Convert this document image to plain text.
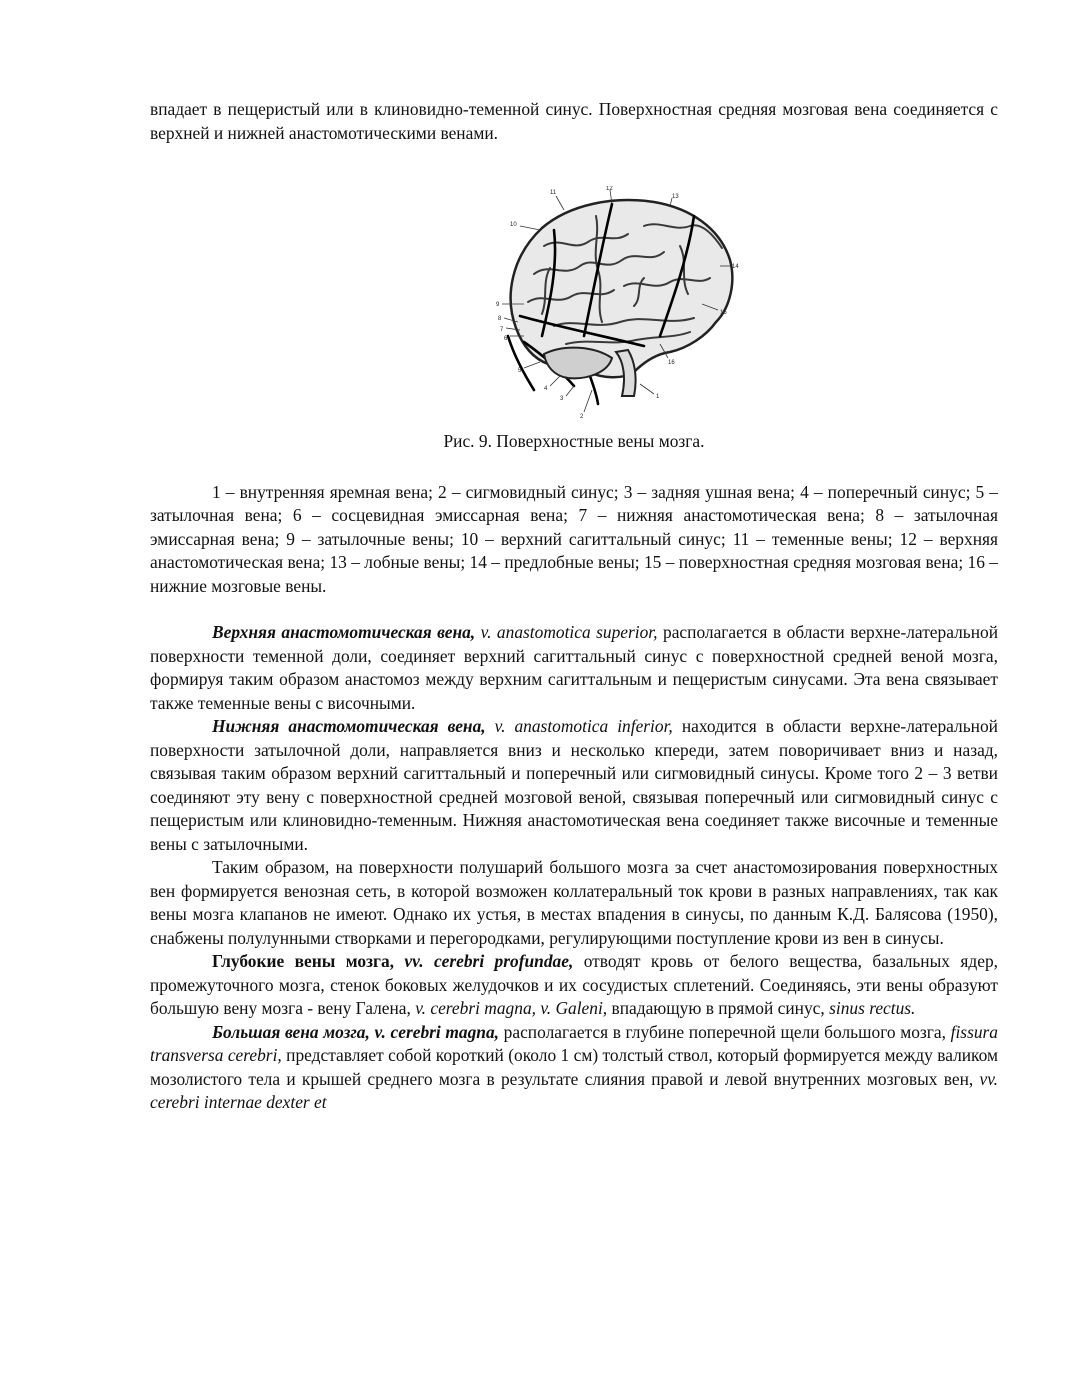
впадает в пещеристый или в клиновидно-теменной синус. Поверхностная средняя мозговая вена соединяется с верхней и нижней анастомотическими венами.

1
2
3
4
5
6
7
8
9
10
11
12
13
14
15
16

Рис. 9. Поверхностные вены мозга.

1 – внутренняя яремная вена; 2 – сигмовидный синус; 3 – задняя ушная вена; 4 – поперечный синус; 5 – затылочная вена; 6 – сосцевидная эмиссарная вена; 7 – нижняя анастомотическая вена; 8 – затылочная эмиссарная вена; 9 – затылочные вены; 10 – верхний сагиттальный синус; 11 – теменные вены; 12 – верхняя анастомотическая вена; 13 – лобные вены; 14 – предлобные вены; 15 – поверхностная средняя мозговая вена; 16 – нижние мозговые вены.

Верхняя анастомотическая вена, v. anastomotica superior, располагается в области верхне-латеральной поверхности теменной доли, соединяет верхний сагиттальный синус с поверхностной средней веной мозга, формируя таким образом анастомоз между верхним сагиттальным и пещеристым синусами. Эта вена связывает также теменные вены с височными.

Нижняя анастомотическая вена, v. anastomotica inferior, находится в области верхне-латеральной поверхности затылочной доли, направляется вниз и несколько кпереди, затем поворичивает вниз и назад, связывая таким образом верхний сагиттальный и поперечный или сигмовидный синусы. Кроме того 2 – 3 ветви соединяют эту вену с поверхностной средней мозговой веной, связывая поперечный или сигмовидный синус с пещеристым или клиновидно-теменным. Нижняя анастомотическая вена соединяет также височные и теменные вены с затылочными.

Таким образом, на поверхности полушарий большого мозга за счет анастомозирования поверхностных вен формируется венозная сеть, в которой возможен коллатеральный ток крови в разных направлениях, так как вены мозга клапанов не имеют. Однако их устья, в местах впадения в синусы, по данным К.Д. Балясова (1950), снабжены полулунными створками и перегородками, регулирующими поступление крови из вен в синусы.

Глубокие вены мозга, vv. cerebri profundae, отводят кровь от белого вещества, базальных ядер, промежуточного мозга, стенок боковых желудочков и их сосудистых сплетений. Соединяясь, эти вены образуют большую вену мозга - вену Галена, v. cerebri magna, v. Galeni, впадающую в прямой синус, sinus rectus.

Большая вена мозга, v. cerebri magna, располагается в глубине поперечной щели большого мозга, fissura transversa cerebri, представляет собой короткий (около 1 см) толстый ствол, который формируется между валиком мозолистого тела и крышей среднего мозга в результате слияния правой и левой внутренних мозговых вен, vv. cerebri internae dexter et
